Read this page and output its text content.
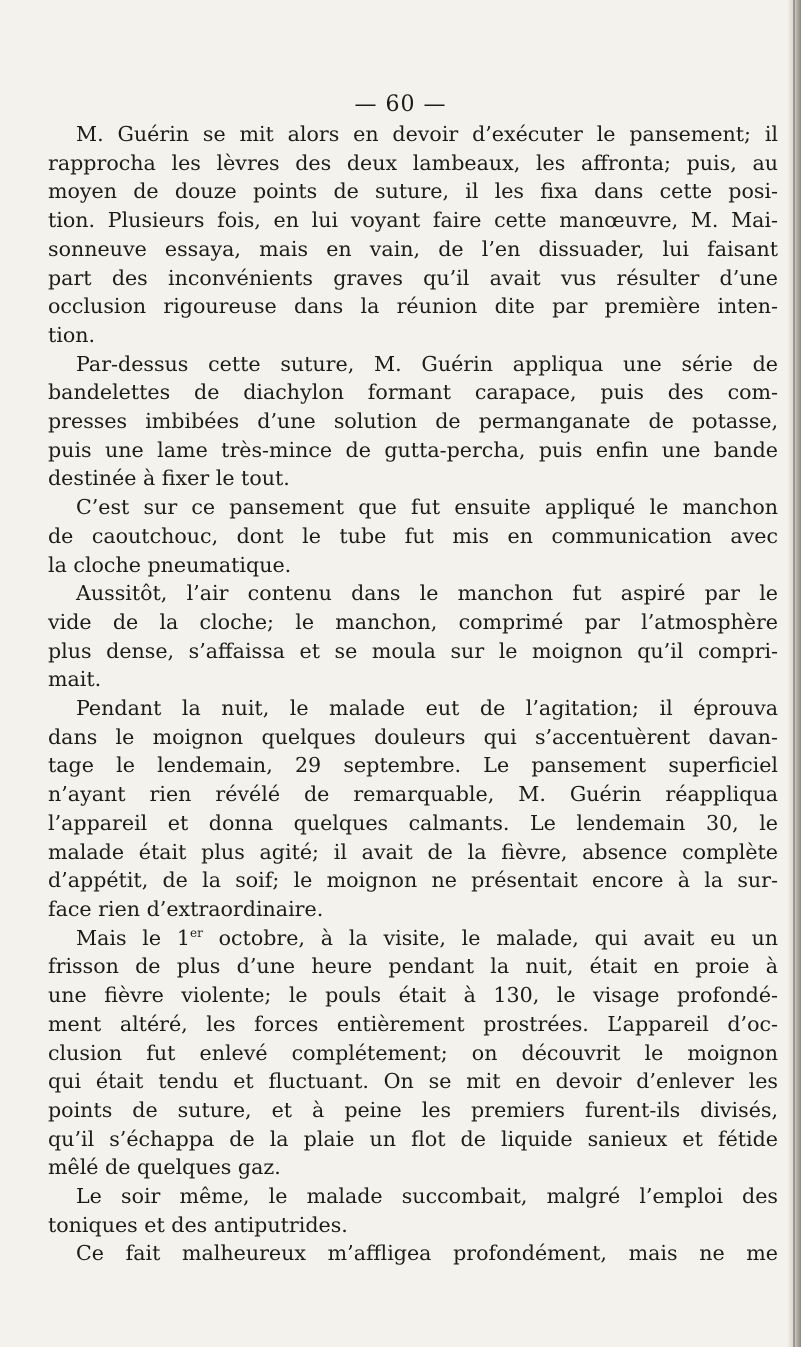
— 60 —
M. Guérin se mit alors en devoir d’exécuter le pansement; il
rapprocha les lèvres des deux lambeaux, les affronta; puis, au
moyen de douze points de suture, il les fixa dans cette posi-
tion. Plusieurs fois, en lui voyant faire cette manœuvre, M. Mai-
sonneuve essaya, mais en vain, de l’en dissuader, lui faisant
part des inconvénients graves qu’il avait vus résulter d’une
occlusion rigoureuse dans la réunion dite par première inten-
tion.
Par-dessus cette suture, M. Guérin appliqua une série de
bandelettes de diachylon formant carapace, puis des com-
presses imbibées d’une solution de permanganate de potasse,
puis une lame très-mince de gutta-percha, puis enfin une bande
destinée à fixer le tout.
C’est sur ce pansement que fut ensuite appliqué le manchon
de caoutchouc, dont le tube fut mis en communication avec
la cloche pneumatique.
Aussitôt, l’air contenu dans le manchon fut aspiré par le
vide de la cloche; le manchon, comprimé par l’atmosphère
plus dense, s’affaissa et se moula sur le moignon qu’il compri-
mait.
Pendant la nuit, le malade eut de l’agitation; il éprouva
dans le moignon quelques douleurs qui s’accentuèrent davan-
tage le lendemain, 29 septembre. Le pansement superficiel
n’ayant rien révélé de remarquable, M. Guérin réappliqua
l’appareil et donna quelques calmants. Le lendemain 30, le
malade était plus agité; il avait de la fièvre, absence complète
d’appétit, de la soif; le moignon ne présentait encore à la sur-
face rien d’extraordinaire.
Mais le 1er octobre, à la visite, le malade, qui avait eu un
frisson de plus d’une heure pendant la nuit, était en proie à
une fièvre violente; le pouls était à 130, le visage profondé-
ment altéré, les forces entièrement prostrées. L’appareil d’oc-
clusion fut enlevé complétement; on découvrit le moignon
qui était tendu et fluctuant. On se mit en devoir d’enlever les
points de suture, et à peine les premiers furent-ils divisés,
qu’il s’échappa de la plaie un flot de liquide sanieux et fétide
mêlé de quelques gaz.
Le soir même, le malade succombait, malgré l’emploi des
toniques et des antiputrides.
Ce fait malheureux m’affligea profondément, mais ne me
